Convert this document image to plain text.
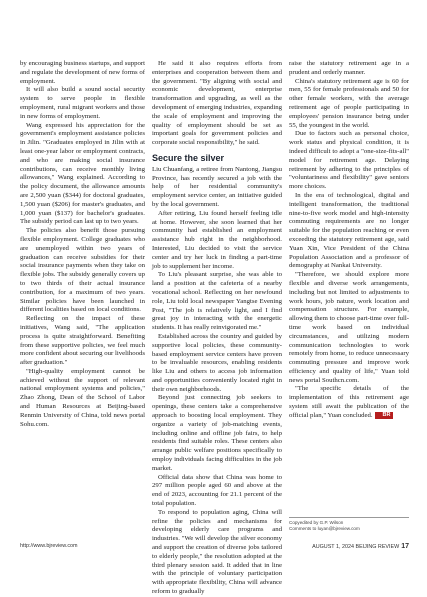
by encouraging business startups, and support and regulate the development of new forms of employment.

It will also build a sound social security system to serve people in flexible employment, rural migrant workers and those in new forms of employment.

Wang expressed his appreciation for the government's employment assistance policies in Jilin. "Graduates employed in Jilin with at least one-year labor or employment contracts, and who are making social insurance contributions, can receive monthly living allowances," Wang explained. According to the policy document, the allowance amounts are 2,500 yuan ($344) for doctoral graduates, 1,500 yuan ($206) for master's graduates, and 1,000 yuan ($137) for bachelor's graduates. The subsidy period can last up to two years.

The policies also benefit those pursuing flexible employment. College graduates who are unemployed within two years of graduation can receive subsidies for their social insurance payments when they take on flexible jobs. The subsidy generally covers up to two thirds of their actual insurance contribution, for a maximum of two years. Similar policies have been launched in different localities based on local conditions.

Reflecting on the impact of these initiatives, Wang said, "The application process is quite straightforward. Benefiting from these supportive policies, we feel much more confident about securing our livelihoods after graduation."

"High-quality employment cannot be achieved without the support of relevant national employment systems and policies," Zhao Zhong, Dean of the School of Labor and Human Resources at Beijing-based Renmin University of China, told news portal Sohu.com.

He said it also requires efforts from enterprises and cooperation between them and the government. "By aligning with social and economic development, enterprise transformation and upgrading, as well as the development of emerging industries, expanding the scale of employment and improving the quality of employment should be set as important goals for government policies and corporate social responsibility," he said.

Secure the silver

Liu Chuanfang, a retiree from Nantong, Jiangsu Province, has recently secured a job with the help of her residential community's employment service center, an initiative guided by the local government.

After retiring, Liu found herself feeling idle at home. However, she soon learned that her community had established an employment assistance hub right in the neighborhood. Interested, Liu decided to visit the service center and try her luck in finding a part-time job to supplement her income.

To Liu's pleasant surprise, she was able to land a position at the cafeteria of a nearby vocational school. Reflecting on her newfound role, Liu told local newspaper Yangtse Evening Post, "The job is relatively light, and I find great joy in interacting with the energetic students. It has really reinvigorated me."

Established across the country and guided by supportive local policies, these community-based employment service centers have proven to be invaluable resources, enabling residents like Liu and others to access job information and opportunities conveniently located right in their own neighborhoods.

Beyond just connecting job seekers to openings, these centers take a comprehensive approach to boosting local employment. They organize a variety of job-matching events, including online and offline job fairs, to help residents find suitable roles. These centers also arrange public welfare positions specifically to employ individuals facing difficulties in the job market.

Official data show that China was home to 297 million people aged 60 and above at the end of 2023, accounting for 21.1 percent of the total population.

To respond to population aging, China will refine the policies and mechanisms for developing elderly care programs and industries. "We will develop the silver economy and support the creation of diverse jobs tailored to elderly people," the resolution adopted at the third plenary session said. It added that in line with the principle of voluntary participation with appropriate flexibility, China will advance reform to gradually

raise the statutory retirement age in a prudent and orderly manner.

China's statutory retirement age is 60 for men, 55 for female professionals and 50 for other female workers, with the average retirement age of people participating in employees' pension insurance being under 55, the youngest in the world.

Due to factors such as personal choice, work status and physical condition, it is indeed difficult to adopt a "one-size-fits-all" model for retirement age. Delaying retirement by adhering to the principles of "voluntariness and flexibility" gave seniors more choices.

In the era of technological, digital and intelligent transformation, the traditional nine-to-five work model and high-intensity commuting requirements are no longer suitable for the population reaching or even exceeding the statutory retirement age, said Yuan Xin, Vice President of the China Population Association and a professor of demography at Nankai University.

"Therefore, we should explore more flexible and diverse work arrangements, including but not limited to adjustments to work hours, job nature, work location and compensation structure. For example, allowing them to choose part-time over full-time work based on individual circumstances, and utilizing modern communication technologies to work remotely from home, to reduce unnecessary commuting pressure and improve work efficiency and quality of life," Yuan told news portal Southcn.com.

"The specific details of the implementation of this retirement age system still await the publication of the official plan," Yuan concluded. BR

Copyedited by G.P. Wilson
Comments to luyan@bjreview.com
http://www.bjreview.com	AUGUST 1, 2024 BEIJING REVIEW 17
